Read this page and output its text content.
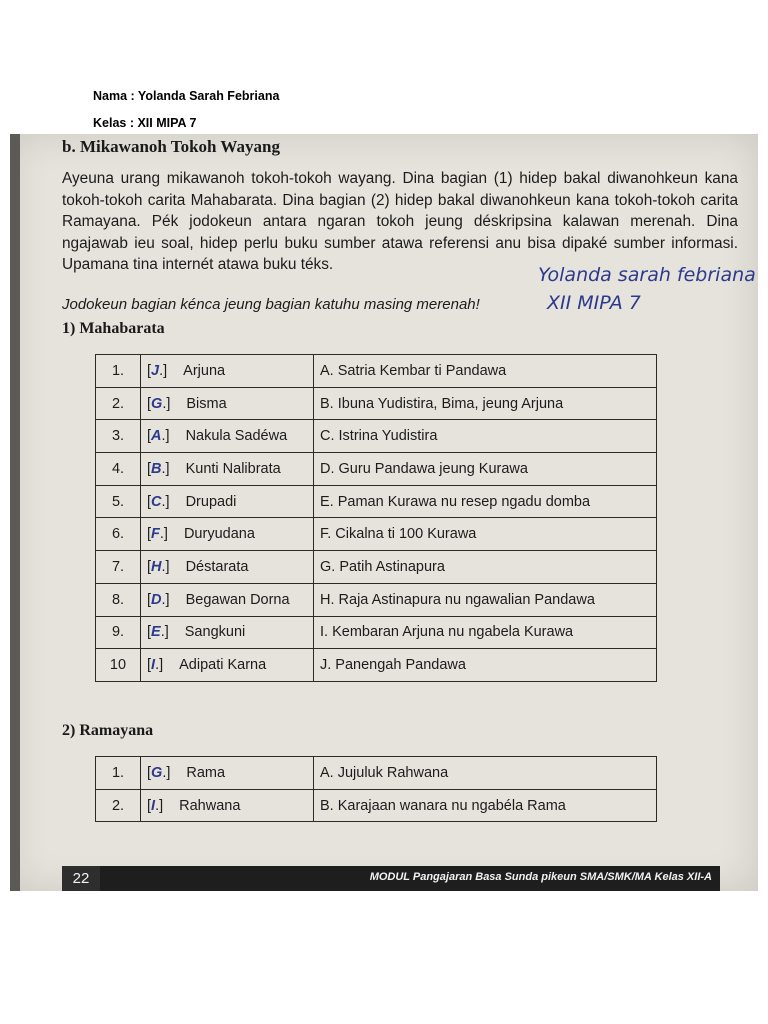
Nama : Yolanda Sarah Febriana
Kelas : XII MIPA 7
b. Mikawanoh Tokoh Wayang
Ayeuna urang mikawanoh tokoh-tokoh wayang. Dina bagian (1) hidep bakal diwanohkeun kana tokoh-tokoh carita Mahabarata. Dina bagian (2) hidep bakal diwanohkeun kana tokoh-tokoh carita Ramayana. Pék jodokeun antara ngaran tokoh jeung déskripsina kalawan merenah. Dina ngajawab ieu soal, hidep perlu buku sumber atawa referensi anu bisa dipaké sumber informasi. Upamana tina internét atawa buku téks.	Yolanda sarah febriana
Jodokeun bagian kénca jeung bagian katuhu masing merenah!	XII MIPA 7
1) Mahabarata
1.	[J.] Arjuna	A. Satria Kembar ti Pandawa
2.	[G.] Bisma	B. Ibuna Yudistira, Bima, jeung Arjuna
3.	[A.] Nakula Sadéwa	C. Istrina Yudistira
4.	[B.] Kunti Nalibrata	D. Guru Pandawa jeung Kurawa
5.	[C.] Drupadi	E. Paman Kurawa nu resep ngadu domba
6.	[F.] Duryudana	F. Cikalna ti 100 Kurawa
7.	[H.] Déstarata	G. Patih Astinapura
8.	[D.] Begawan Dorna	H. Raja Astinapura nu ngawalian Pandawa
9.	[E.] Sangkuni	I. Kembaran Arjuna nu ngabela Kurawa
10	[I.] Adipati Karna	J. Panengah Pandawa
2) Ramayana
1.	[G.] Rama	A. Jujuluk Rahwana
2.	[I.] Rahwana	B. Karajaan wanara nu ngabéla Rama
22	MODUL Pangajaran Basa Sunda pikeun SMA/SMK/MA Kelas XII-A
